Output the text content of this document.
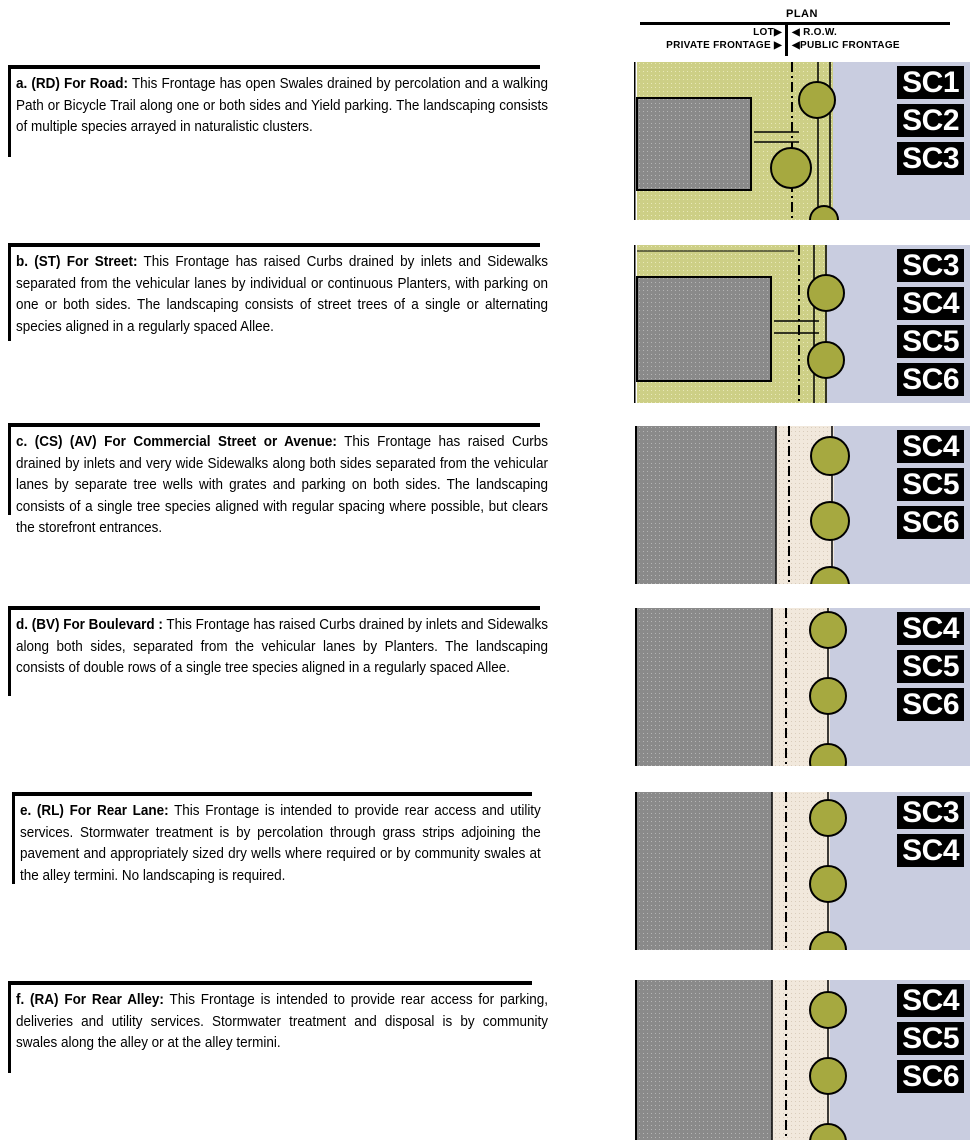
PLAN
LOT▶
PRIVATE FRONTAGE ▶
◀ R.O.W.
◀PUBLIC FRONTAGE
a. (RD) For Road: This Frontage has open Swales drained by percolation and a walking Path or Bicycle Trail along one or both sides and Yield parking. The landscaping consists of multiple species arrayed in naturalistic clusters.
b. (ST) For Street: This Frontage has raised Curbs drained by inlets and Sidewalks separated from the vehicular lanes by individual or continuous Planters, with parking on one or both sides. The landscaping consists of street trees of a single or alternating species aligned in a regularly spaced Allee.
c. (CS) (AV) For Commercial Street or Avenue: This Frontage has raised Curbs drained by inlets and very wide Sidewalks along both sides separated from the vehicular lanes by separate tree wells with grates and parking on both sides. The landscaping consists of a single tree species aligned with regular spacing where possible, but clears the storefront entrances.
d. (BV) For Boulevard : This Frontage has raised Curbs drained by inlets and Sidewalks along both sides, separated from the vehicular lanes by Planters. The landscaping consists of double rows of a single tree species aligned in a regularly spaced Allee.
e. (RL) For Rear Lane: This Frontage is intended to provide rear access and utility services. Stormwater treatment is by percolation through grass strips adjoining the pavement and appropriately sized dry wells where required or by community swales at the alley termini. No landscaping is required.
f. (RA) For Rear Alley: This Frontage is intended to provide rear access for parking, deliveries and utility services. Stormwater treatment and disposal is by community swales along the alley or at the alley termini.
SC1
SC2
SC3
SC3
SC4
SC5
SC6
SC4
SC5
SC6
SC4
SC5
SC6
SC3
SC4
SC4
SC5
SC6
